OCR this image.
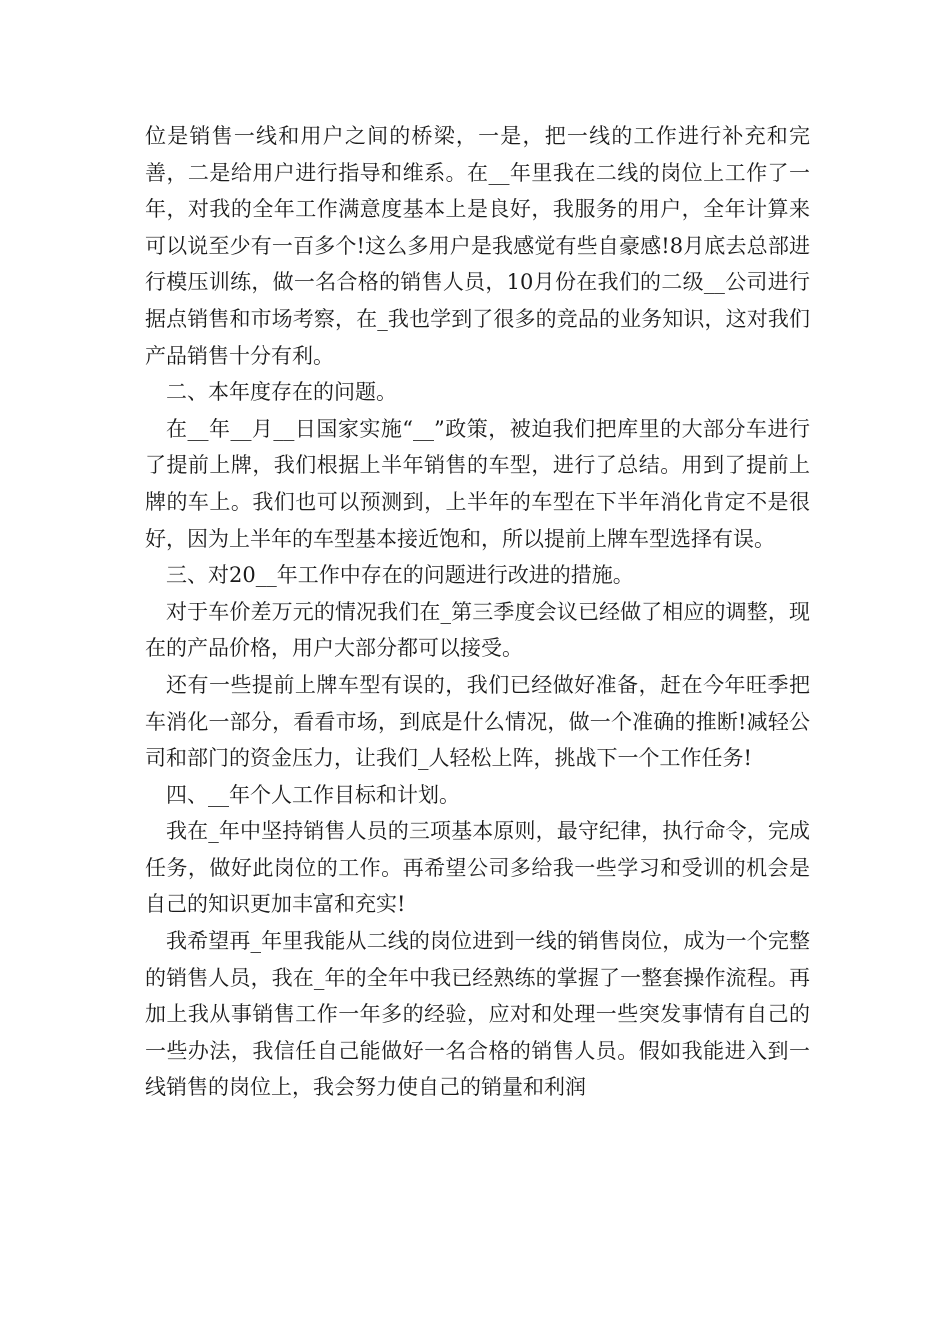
位是销售一线和用户之间的桥梁，一是，把一线的工作进行补充和完善，二是给用户进行指导和维系。在__年里我在二线的岗位上工作了一年，对我的全年工作满意度基本上是良好，我服务的用户，全年计算来可以说至少有一百多个!这么多用户是我感觉有些自豪感!8月底去总部进行模压训练，做一名合格的销售人员，10月份在我们的二级__公司进行据点销售和市场考察，在_我也学到了很多的竞品的业务知识，这对我们产品销售十分有利。

二、本年度存在的问题。

在__年__月__日国家实施“__”政策，被迫我们把库里的大部分车进行了提前上牌，我们根据上半年销售的车型，进行了总结。用到了提前上牌的车上。我们也可以预测到，上半年的车型在下半年消化肯定不是很好，因为上半年的车型基本接近饱和，所以提前上牌车型选择有误。

三、对20__年工作中存在的问题进行改进的措施。

对于车价差万元的情况我们在_第三季度会议已经做了相应的调整，现在的产品价格，用户大部分都可以接受。

还有一些提前上牌车型有误的，我们已经做好准备，赶在今年旺季把车消化一部分，看看市场，到底是什么情况，做一个准确的推断!减轻公司和部门的资金压力，让我们_人轻松上阵，挑战下一个工作任务!

四、__年个人工作目标和计划。

我在_年中坚持销售人员的三项基本原则，最守纪律，执行命令，完成任务，做好此岗位的工作。再希望公司多给我一些学习和受训的机会是自己的知识更加丰富和充实!

我希望再_年里我能从二线的岗位进到一线的销售岗位，成为一个完整的销售人员，我在_年的全年中我已经熟练的掌握了一整套操作流程。再加上我从事销售工作一年多的经验，应对和处理一些突发事情有自己的一些办法，我信任自己能做好一名合格的销售人员。假如我能进入到一线销售的岗位上，我会努力使自己的销量和利润
